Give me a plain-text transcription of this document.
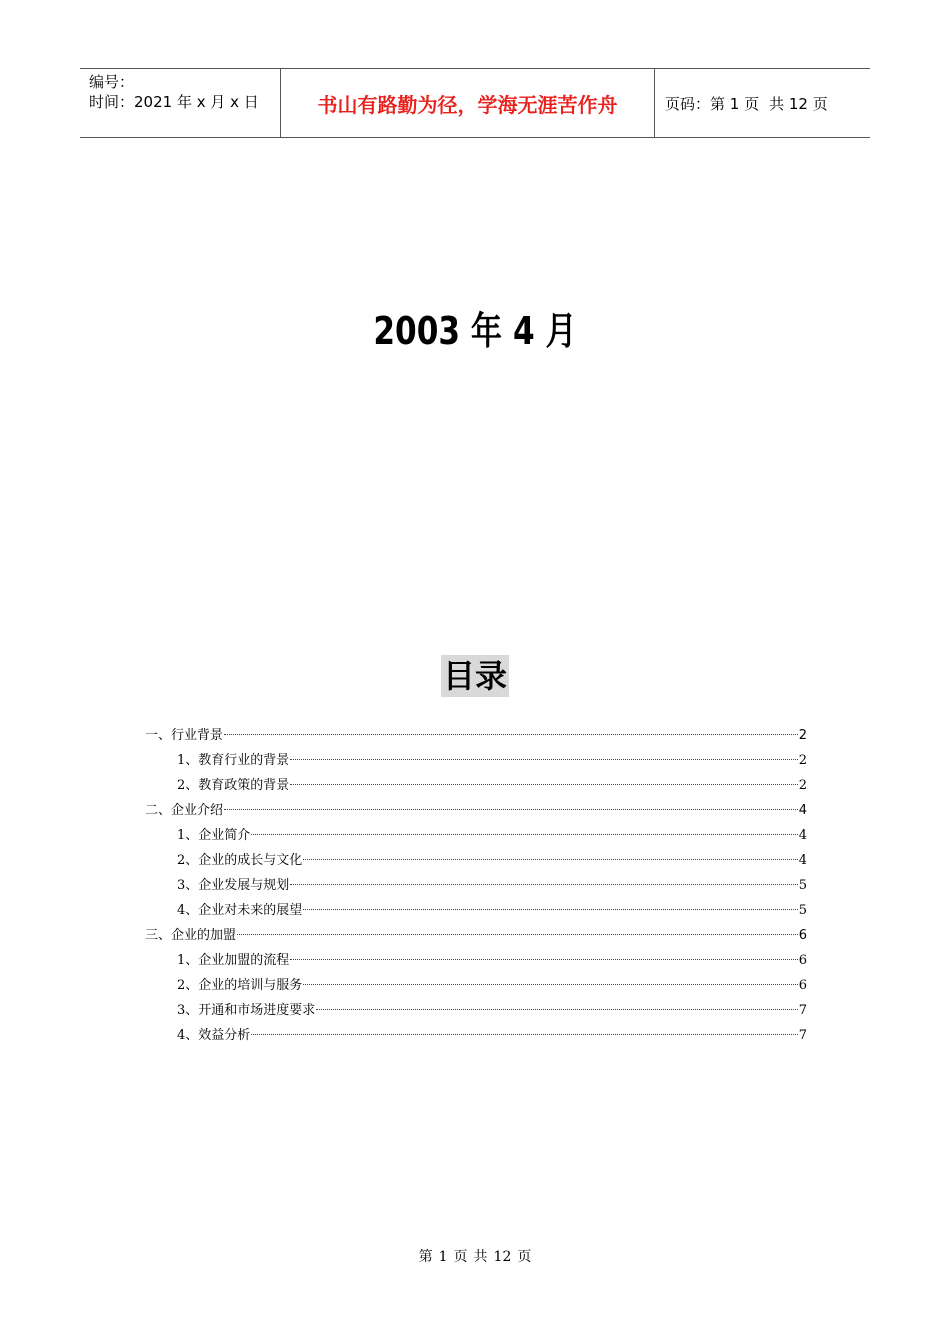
编号：
时间：2021 年 x 月 x 日	书山有路勤为径，学海无涯苦作舟	页码：第 1 页 共 12 页
2003 年 4 月
目录
一、行业背景	2
1、教育行业的背景	2
2、教育政策的背景	2
二、企业介绍	4
1、企业简介	4
2、企业的成长与文化	4
3、企业发展与规划	5
4、企业对未来的展望	5
三、企业的加盟	6
1、企业加盟的流程	6
2、企业的培训与服务	6
3、开通和市场进度要求	7
4、效益分析	7
第 1 页 共 12 页
